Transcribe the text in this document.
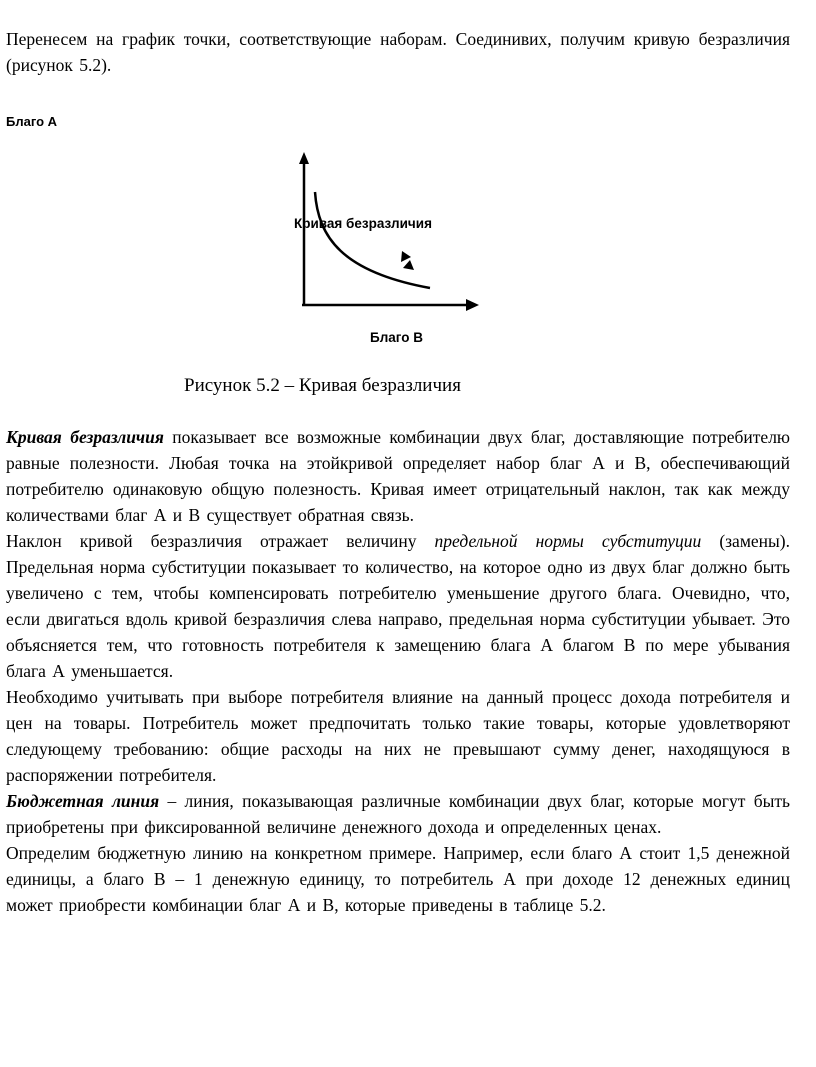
Перенесем на график точки, соответствующие наборам. Соединивих, получим кривую безразличия (рисунок 5.2).

Благо А
Кривая безразличия
Благо В
Рисунок 5.2 – Кривая безразличия

Кривая безразличия показывает все возможные комбинации двух благ, доставляющие потребителю равные полезности. Любая точка на этойкривой определяет набор благ А и В, обеспечивающий потребителю одинаковую общую полезность. Кривая имеет отрицательный наклон, так как между количествами благ А и В существует обратная связь.

Наклон кривой безразличия отражает величину предельной нормы субституции (замены). Предельная норма субституции показывает то количество, на которое одно из двух благ должно быть увеличено с тем, чтобы компенсировать потребителю уменьшение другого блага. Очевидно, что, если двигаться вдоль кривой безразличия слева направо, предельная норма субституции убывает. Это объясняется тем, что готовность потребителя к замещению блага А благом В по мере убывания блага А уменьшается.

Необходимо учитывать при выборе потребителя влияние на данный процесс дохода потребителя и цен на товары. Потребитель может предпочитать только такие товары, которые удовлетворяют следующему требованию: общие расходы на них не превышают сумму денег, находящуюся в распоряжении потребителя.

Бюджетная линия – линия, показывающая различные комбинации двух благ, которые могут быть приобретены при фиксированной величине денежного дохода и определенных ценах.

Определим бюджетную линию на конкретном примере. Например, если благо А стоит 1,5 денежной единицы, а благо В – 1 денежную единицу, то потребитель А при доходе 12 денежных единиц может приобрести комбинации благ А и В, которые приведены в таблице 5.2.
